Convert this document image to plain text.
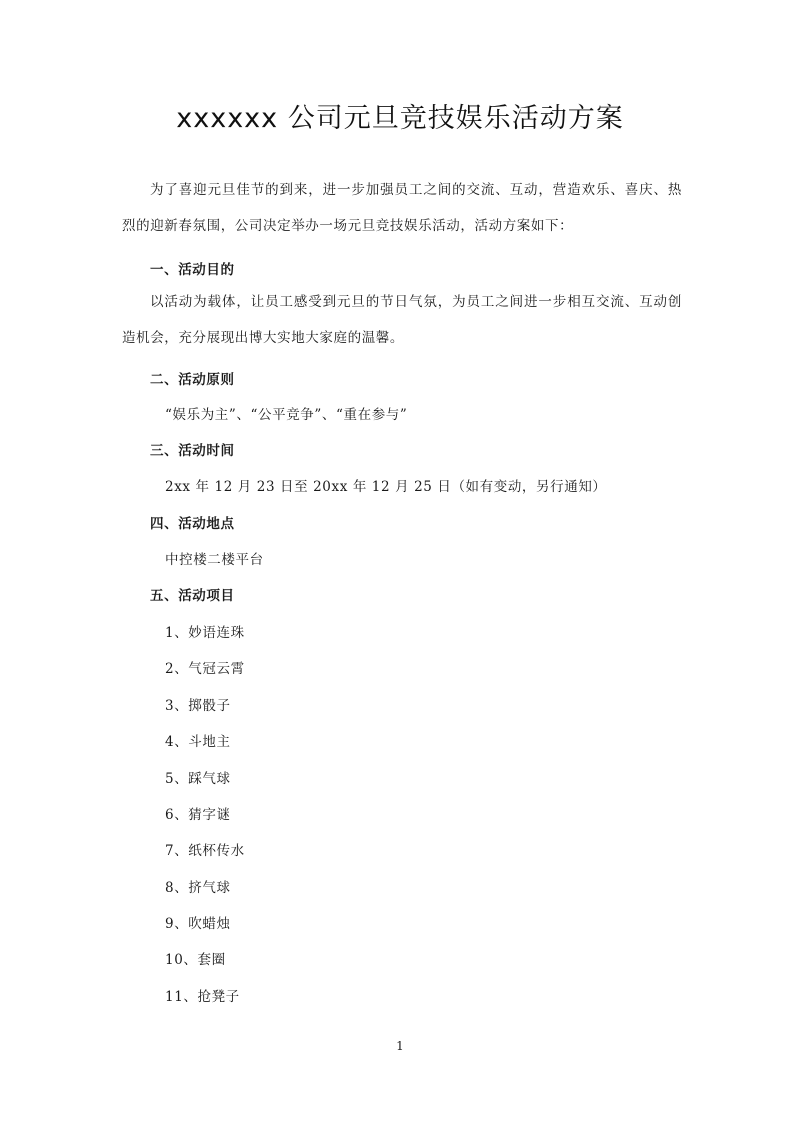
xxxxxx 公司元旦竞技娱乐活动方案
为了喜迎元旦佳节的到来，进一步加强员工之间的交流、互动，营造欢乐、喜庆、热烈的迎新春氛围，公司决定举办一场元旦竞技娱乐活动，活动方案如下：
一、活动目的
以活动为载体，让员工感受到元旦的节日气氛，为员工之间进一步相互交流、互动创造机会，充分展现出博大实地大家庭的温馨。
二、活动原则
“娱乐为主”、“公平竞争”、“重在参与”
三、活动时间
2xx 年 12 月 23 日至 20xx 年 12 月 25 日（如有变动，另行通知）
四、活动地点
中控楼二楼平台
五、活动项目
1、妙语连珠
2、气冠云霄
3、掷骰子
4、斗地主
5、踩气球
6、猜字谜
7、纸杯传水
8、挤气球
9、吹蜡烛
10、套圈
11、抢凳子
1
